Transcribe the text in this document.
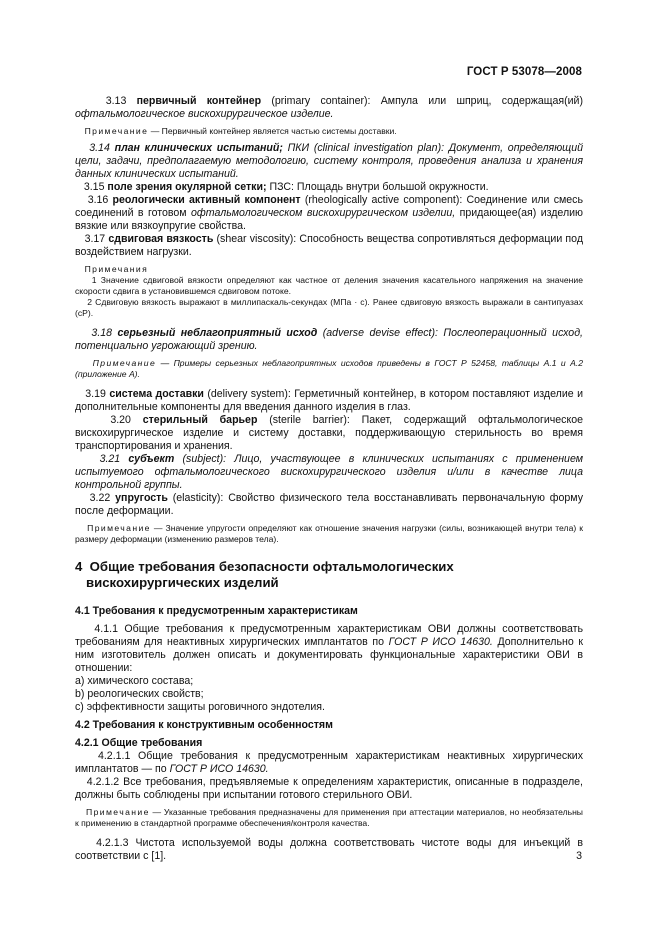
ГОСТ Р 53078—2008

3.13 первичный контейнер (primary container): Ампула или шприц, содержащая(ий) офтальмологическое вискохирургическое изделие.

Примечание — Первичный контейнер является частью системы доставки.

3.14 план клинических испытаний; ПКИ (clinical investigation plan): Документ, определяющий цели, задачи, предполагаемую методологию, систему контроля, проведения анализа и хранения данных клинических испытаний.

3.15 поле зрения окулярной сетки; ПЗС: Площадь внутри большой окружности.

3.16 реологически активный компонент (rheologically active component): Соединение или смесь соединений в готовом офтальмологическом вискохирургическом изделии, придающее(ая) изделию вязкие или вязкоупругие свойства.

3.17 сдвиговая вязкость (shear viscosity): Способность вещества сопротивляться деформации под воздействием нагрузки.

Примечания

1 Значение сдвиговой вязкости определяют как частное от деления значения касательного напряжения на значение скорости сдвига в установившемся сдвиговом потоке.

2 Сдвиговую вязкость выражают в миллипаскаль-секундах (МПа · с). Ранее сдвиговую вязкость выражали в сантипуазах (сР).

3.18 серьезный неблагоприятный исход (adverse devise effect): Послеоперационный исход, потенциально угрожающий зрению.

Примечание — Примеры серьезных неблагоприятных исходов приведены в ГОСТ Р 52458, таблицы А.1 и А.2 (приложение А).

3.19 система доставки (delivery system): Герметичный контейнер, в котором поставляют изделие и дополнительные компоненты для введения данного изделия в глаз.

3.20 стерильный барьер (sterile barrier): Пакет, содержащий офтальмологическое вискохирургическое изделие и систему доставки, поддерживающую стерильность во время транспортирования и хранения.

3.21 субъект (subject): Лицо, участвующее в клинических испытаниях с применением испытуемого офтальмологического вискохирургического изделия и/или в качестве лица контрольной группы.

3.22 упругость (elasticity): Свойство физического тела восстанавливать первоначальную форму после деформации.

Примечание — Значение упругости определяют как отношение значения нагрузки (силы, возникающей внутри тела) к размеру деформации (изменению размеров тела).

4 Общие требования безопасности офтальмологических
вискохирургических изделий

4.1 Требования к предусмотренным характеристикам

4.1.1 Общие требования к предусмотренным характеристикам ОВИ должны соответствовать требованиям для неактивных хирургических имплантатов по ГОСТ Р ИСО 14630. Дополнительно к ним изготовитель должен описать и документировать функциональные характеристики ОВИ в отношении:

a) химического состава;

b) реологических свойств;

c) эффективности защиты роговичного эндотелия.

4.2 Требования к конструктивным особенностям

4.2.1 Общие требования

4.2.1.1 Общие требования к предусмотренным характеристикам неактивных хирургических имплантатов — по ГОСТ Р ИСО 14630.

4.2.1.2 Все требования, предъявляемые к определениям характеристик, описанные в подразделе, должны быть соблюдены при испытании готового стерильного ОВИ.

Примечание — Указанные требования предназначены для применения при аттестации материалов, но необязательны к применению в стандартной программе обеспечения/контроля качества.

4.2.1.3 Чистота используемой воды должна соответствовать чистоте воды для инъекций в соответствии с [1].	3
